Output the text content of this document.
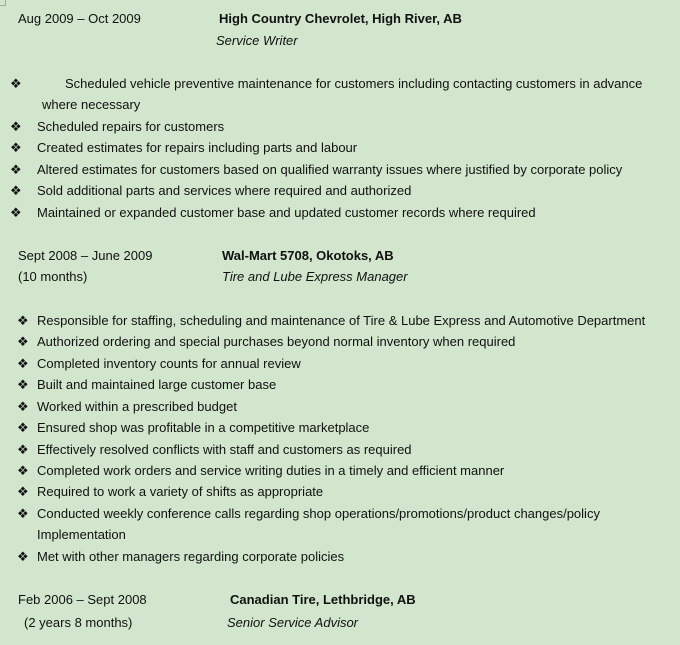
Aug 2009 – Oct 2009	High Country Chevrolet, High River, AB
Service Writer
❖	Scheduled vehicle preventive maintenance for customers including contacting customers in advance
where necessary
❖ Scheduled repairs for customers
❖ Created estimates for repairs including parts and labour
❖ Altered estimates for customers based on qualified warranty issues where justified by corporate policy
❖ Sold additional parts and services where required and authorized
❖ Maintained or expanded customer base and updated customer records where required
Sept 2008 – June 2009	Wal-Mart 5708, Okotoks, AB
(10 months)	Tire and Lube Express Manager
❖ Responsible for staffing, scheduling and maintenance of Tire & Lube Express and Automotive Department
❖ Authorized ordering and special purchases beyond normal inventory when required
❖ Completed inventory counts for annual review
❖ Built and maintained large customer base
❖ Worked within a prescribed budget
❖ Ensured shop was profitable in a competitive marketplace
❖ Effectively resolved conflicts with staff and customers as required
❖ Completed work orders and service writing duties in a timely and efficient manner
❖ Required to work a variety of shifts as appropriate
❖ Conducted weekly conference calls regarding shop operations/promotions/product changes/policy
Implementation
❖ Met with other managers regarding corporate policies
Feb 2006 – Sept 2008	Canadian Tire, Lethbridge, AB
(2 years 8 months)	Senior Service Advisor
